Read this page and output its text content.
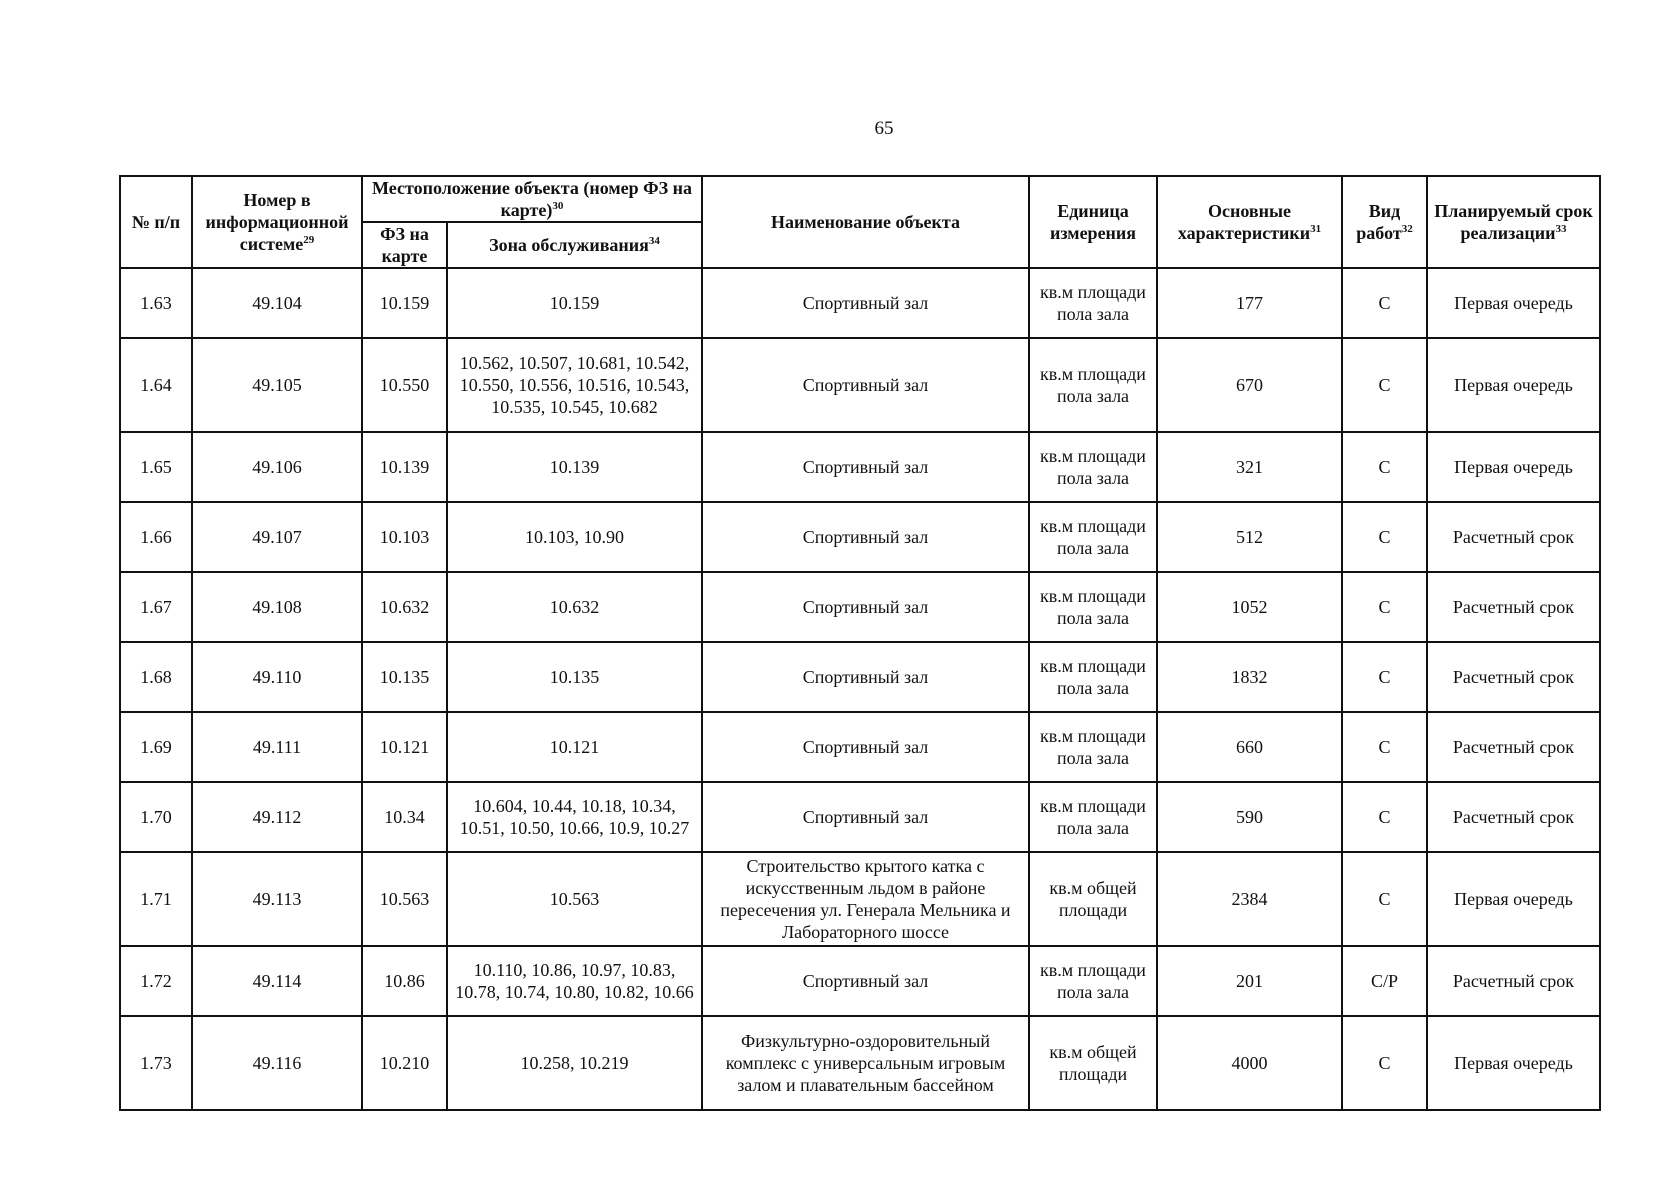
65
№ п/п	Номер в информационной системе$^{29}$	Местоположение объекта (номер ФЗ на карте)$^{30}$		Наименование объекта	Единица измерения	Основные характеристики$^{31}$	Вид работ$^{32}$	Планируемый срок реализации$^{33}$
		ФЗ на карте	Зона обслуживания$^{34}$
1.63	49.104	10.159	10.159	Спортивный зал	кв.м площади пола зала	177	С	Первая очередь
1.64	49.105	10.550	10.562, 10.507, 10.681, 10.542, 10.550, 10.556, 10.516, 10.543, 10.535, 10.545, 10.682	Спортивный зал	кв.м площади пола зала	670	С	Первая очередь
1.65	49.106	10.139	10.139	Спортивный зал	кв.м площади пола зала	321	С	Первая очередь
1.66	49.107	10.103	10.103, 10.90	Спортивный зал	кв.м площади пола зала	512	С	Расчетный срок
1.67	49.108	10.632	10.632	Спортивный зал	кв.м площади пола зала	1052	С	Расчетный срок
1.68	49.110	10.135	10.135	Спортивный зал	кв.м площади пола зала	1832	С	Расчетный срок
1.69	49.111	10.121	10.121	Спортивный зал	кв.м площади пола зала	660	С	Расчетный срок
1.70	49.112	10.34	10.604, 10.44, 10.18, 10.34, 10.51, 10.50, 10.66, 10.9, 10.27	Спортивный зал	кв.м площади пола зала	590	С	Расчетный срок
1.71	49.113	10.563	10.563	Строительство крытого катка с искусственным льдом в районе пересечения ул. Генерала Мельника и Лабораторного шоссе	кв.м общей площади	2384	С	Первая очередь
1.72	49.114	10.86	10.110, 10.86, 10.97, 10.83, 10.78, 10.74, 10.80, 10.82, 10.66	Спортивный зал	кв.м площади пола зала	201	С/Р	Расчетный срок
1.73	49.116	10.210	10.258, 10.219	Физкультурно-оздоровительный комплекс с универсальным игровым залом и плавательным бассейном	кв.м общей площади	4000	С	Первая очередь
